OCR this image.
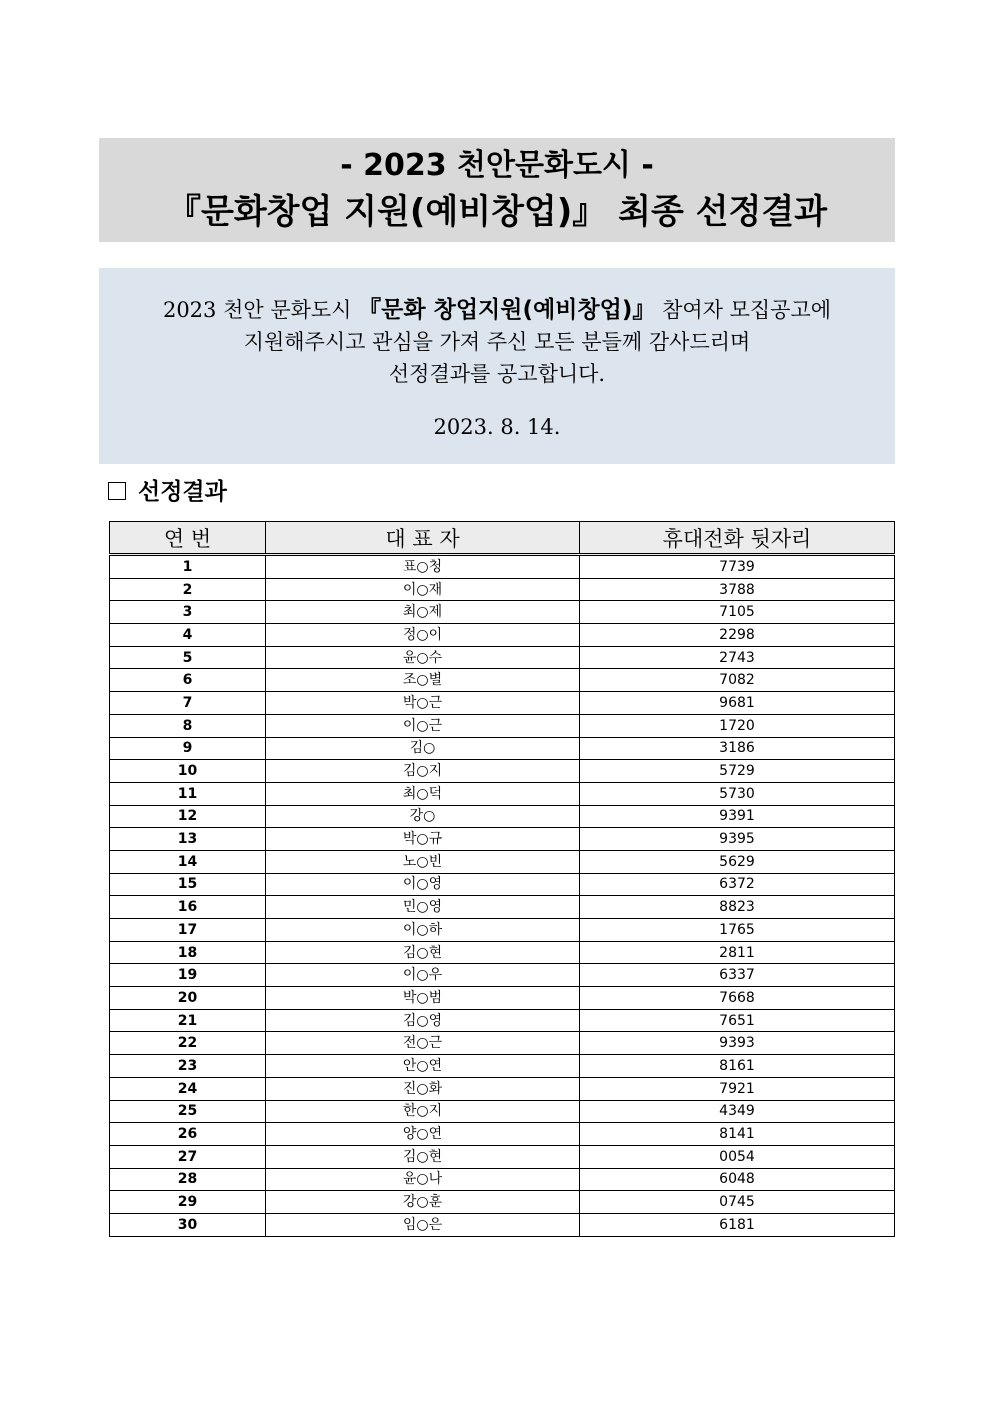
- 2023 천안문화도시 -
『문화창업 지원(예비창업)』 최종 선정결과
2023 천안 문화도시 『문화 창업지원(예비창업)』 참여자 모집공고에
지원해주시고 관심을 가져 주신 모든 분들께 감사드리며
선정결과를 공고합니다.
2023. 8. 14.
선정결과
연 번	대 표 자	휴대전화 뒷자리
1	표○청	7739
2	이○재	3788
3	최○제	7105
4	정○이	2298
5	윤○수	2743
6	조○별	7082
7	박○근	9681
8	이○근	1720
9	김○	3186
10	김○지	5729
11	최○덕	5730
12	강○	9391
13	박○규	9395
14	노○빈	5629
15	이○영	6372
16	민○영	8823
17	이○하	1765
18	김○현	2811
19	이○우	6337
20	박○범	7668
21	김○영	7651
22	전○근	9393
23	안○연	8161
24	진○화	7921
25	한○지	4349
26	양○연	8141
27	김○현	0054
28	윤○나	6048
29	강○훈	0745
30	임○은	6181
